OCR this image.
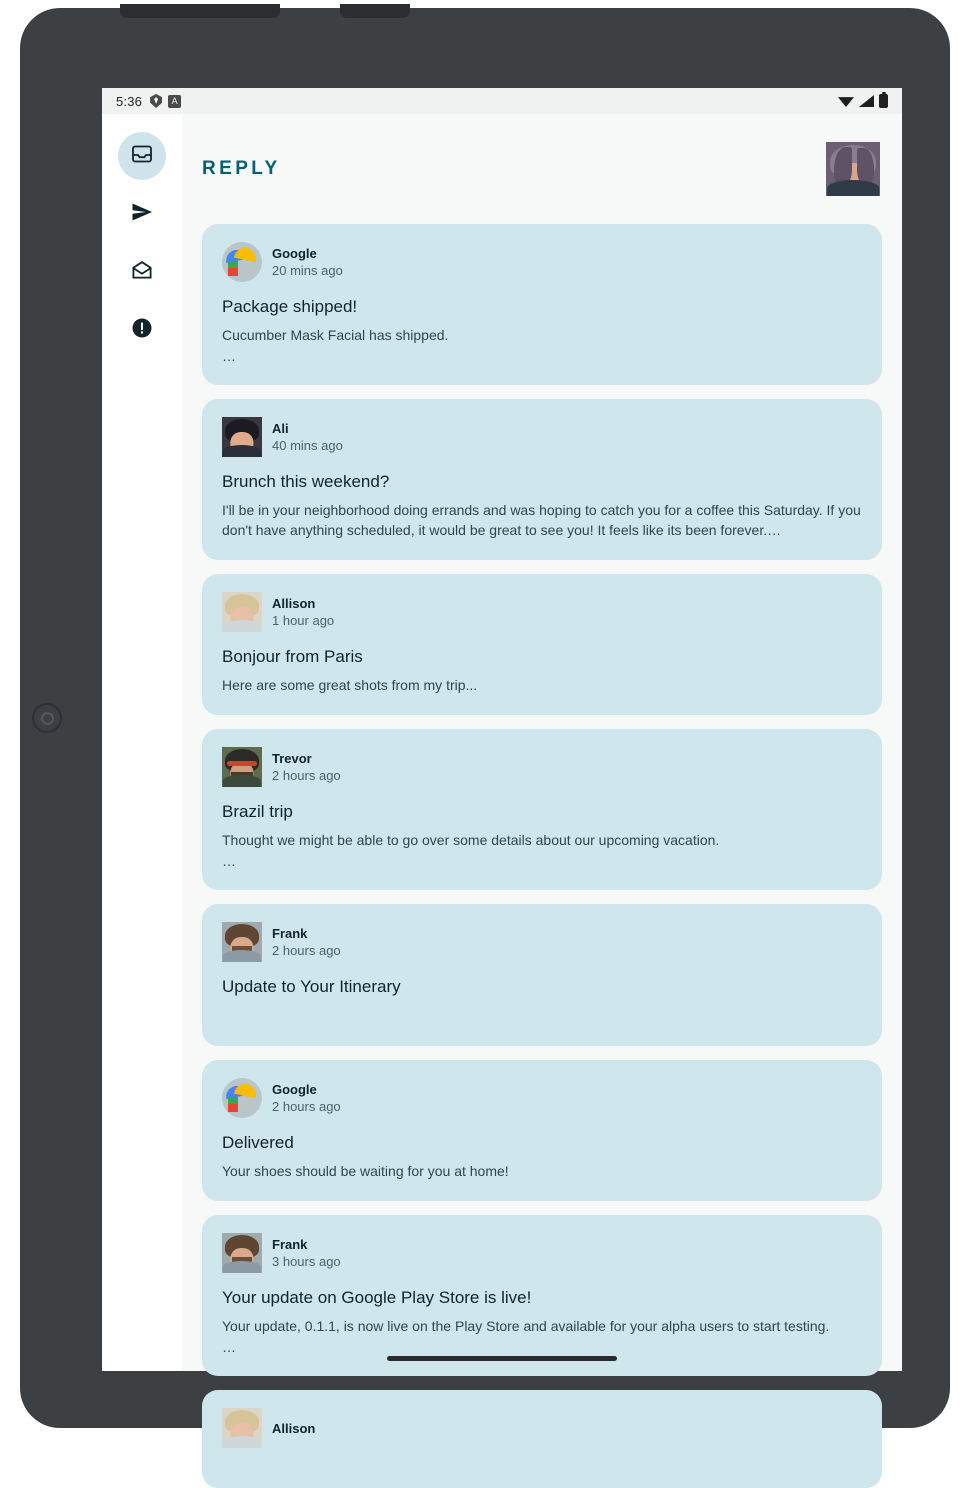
5:36	A
REPLY
Google
20 mins ago
Package shipped!
Cucumber Mask Facial has shipped.
…
Ali
40 mins ago
Brunch this weekend?
I'll be in your neighborhood doing errands and was hoping to catch you for a coffee this Saturday. If you don't have anything scheduled, it would be great to see you! It feels like its been forever.…
Allison
1 hour ago
Bonjour from Paris
Here are some great shots from my trip...
Trevor
2 hours ago
Brazil trip
Thought we might be able to go over some details about our upcoming vacation.
…
Frank
2 hours ago
Update to Your Itinerary
Google
2 hours ago
Delivered
Your shoes should be waiting for you at home!
Frank
3 hours ago
Your update on Google Play Store is live!
Your update, 0.1.1, is now live on the Play Store and available for your alpha users to start testing.
…
Allison
